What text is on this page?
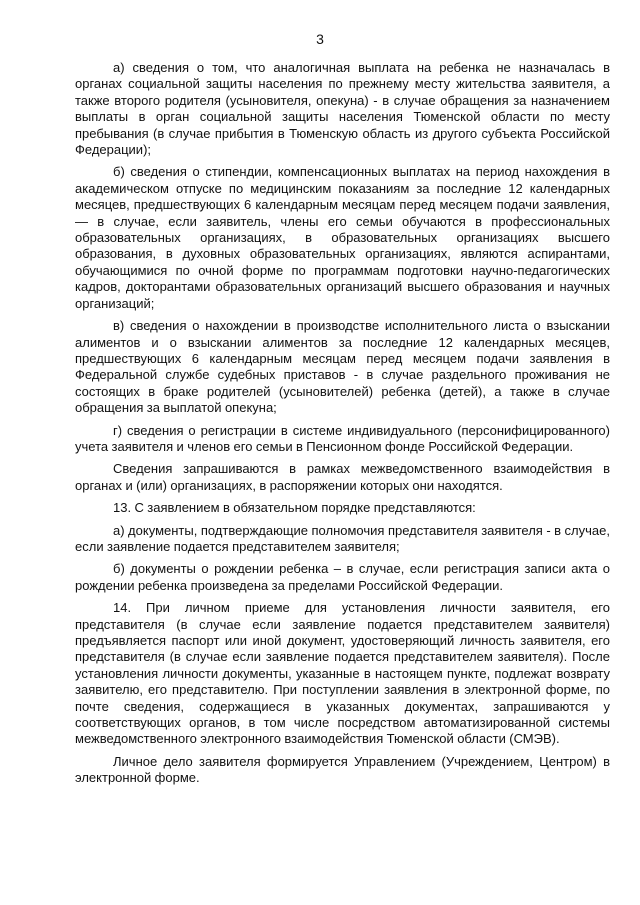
3

а) сведения о том, что аналогичная выплата на ребенка не назначалась в органах социальной защиты населения по прежнему месту жительства заявителя, а также второго родителя (усыновителя, опекуна) - в случае обращения за назначением выплаты в орган социальной защиты населения Тюменской области по месту пребывания (в случае прибытия в Тюменскую область из другого субъекта Российской Федерации);

б) сведения о стипендии, компенсационных выплатах на период нахождения в академическом отпуске по медицинским показаниям за последние 12 календарных месяцев, предшествующих 6 календарным месяцам перед месяцем подачи заявления, — в случае, если заявитель, члены его семьи обучаются в профессиональных образовательных организациях, в образовательных организациях высшего образования, в духовных образовательных организациях, являются аспирантами, обучающимися по очной форме по программам подготовки научно-педагогических кадров, докторантами образовательных организаций высшего образования и научных организаций;

в) сведения о нахождении в производстве исполнительного листа о взыскании алиментов и о взыскании алиментов за последние 12 календарных месяцев, предшествующих 6 календарным месяцам перед месяцем подачи заявления в Федеральной службе судебных приставов - в случае раздельного проживания не состоящих в браке родителей (усыновителей) ребенка (детей), а также в случае обращения за выплатой опекуна;

г) сведения о регистрации в системе индивидуального (персонифицированного) учета заявителя и членов его семьи в Пенсионном фонде Российской Федерации.

Сведения запрашиваются в рамках межведомственного взаимодействия в органах и (или) организациях, в распоряжении которых они находятся.

13. С заявлением в обязательном порядке представляются:

а) документы, подтверждающие полномочия представителя заявителя - в случае, если заявление подается представителем заявителя;

б) документы о рождении ребенка – в случае, если регистрация записи акта о рождении ребенка произведена за пределами Российской Федерации.

14. При личном приеме для установления личности заявителя, его представителя (в случае если заявление подается представителем заявителя) предъявляется паспорт или иной документ, удостоверяющий личность заявителя, его представителя (в случае если заявление подается представителем заявителя). После установления личности документы, указанные в настоящем пункте, подлежат возврату заявителю, его представителю. При поступлении заявления в электронной форме, по почте сведения, содержащиеся в указанных документах, запрашиваются у соответствующих органов, в том числе посредством автоматизированной системы межведомственного электронного взаимодействия Тюменской области (СМЭВ).

Личное дело заявителя формируется Управлением (Учреждением, Центром) в электронной форме.
